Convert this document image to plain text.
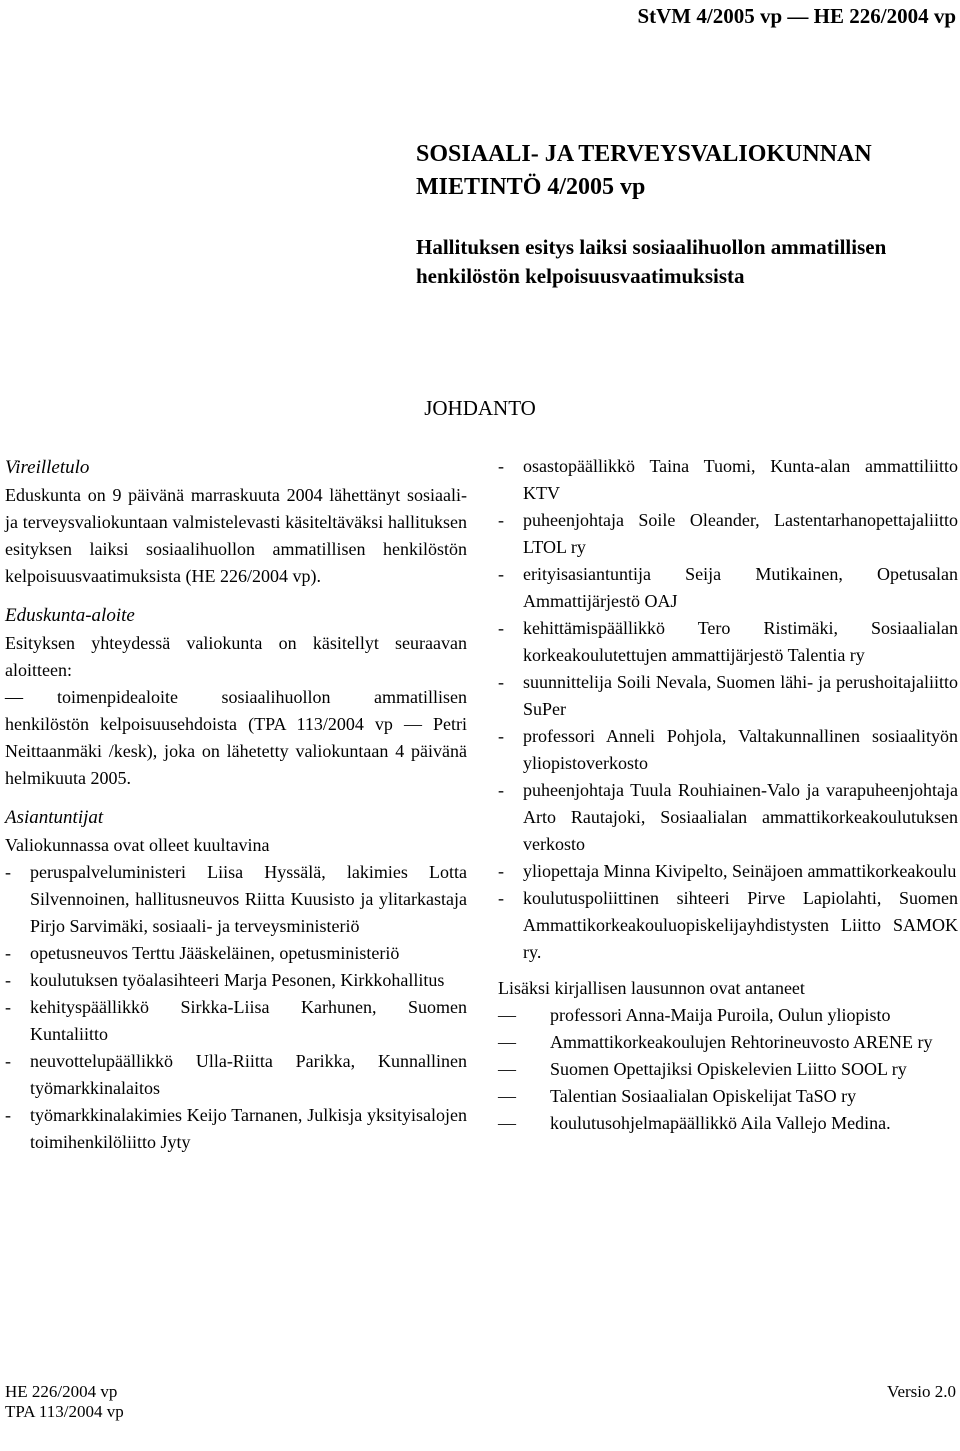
StVM 4/2005 vp — HE 226/2004 vp
SOSIAALI- JA TERVEYSVALIOKUNNAN
MIETINTÖ 4/2005 vp
Hallituksen esitys laiksi sosiaalihuollon ammatillisen henkilöstön kelpoisuusvaatimuksista
JOHDANTO
Vireilletulo

Eduskunta on 9 päivänä marraskuuta 2004 lähettänyt sosiaali- ja terveysvaliokuntaan valmistelevasti käsiteltäväksi hallituksen esityksen laiksi sosiaalihuollon ammatillisen henkilöstön kelpoisuusvaatimuksista (HE 226/2004 vp).

Eduskunta-aloite

Esityksen yhteydessä valiokunta on käsitellyt seuraavan aloitteen:

— — toimenpidealoite sosiaalihuollon ammatillisen henkilöstön kelpoisuusehdoista (TPA 113/2004 vp — Petri Neittaanmäki /kesk), joka on lähetetty valiokuntaan 4 päivänä helmikuuta 2005.
Asiantuntijat

Valiokunnassa ovat olleet kuultavina

- peruspalveluministeri Liisa Hyssälä, lakimies Lotta Silvennoinen, hallitusneuvos Riitta Kuusisto ja ylitarkastaja Pirjo Sarvimäki, sosiaali- ja terveysministeriö
- opetusneuvos Terttu Jääskeläinen, opetusministeriö
- koulutuksen työalasihteeri Marja Pesonen, Kirkkohallitus
- kehityspäällikkö Sirkka-Liisa Karhunen, Suomen Kuntaliitto
- neuvottelupäällikkö Ulla-Riitta Parikka, Kunnallinen työmarkkinalaitos
- työmarkkinalakimies Keijo Tarnanen, Julkisja yksityisalojen toimihenkilöliitto Jyty
- osastopäällikkö Taina Tuomi, Kunta-alan ammattiliitto KTV
- puheenjohtaja Soile Oleander, Lastentarhanopettajaliitto LTOL ry
- erityisasiantuntija Seija Mutikainen, Opetusalan Ammattijärjestö OAJ
- kehittämispäällikkö Tero Ristimäki, Sosiaalialan korkeakoulutettujen ammattijärjestö Talentia ry
- suunnittelija Soili Nevala, Suomen lähi- ja perushoitajaliitto SuPer
- professori Anneli Pohjola, Valtakunnallinen sosiaalityön yliopistoverkosto
- puheenjohtaja Tuula Rouhiainen-Valo ja varapuheenjohtaja Arto Rautajoki, Sosiaalialan ammattikorkeakoulutuksen verkosto
- yliopettaja Minna Kivipelto, Seinäjoen ammattikorkeakoulu
- koulutuspoliittinen sihteeri Pirve Lapiolahti, Suomen Ammattikorkeakouluopiskelijayhdistysten Liitto SAMOK ry.

Lisäksi kirjallisen lausunnon ovat antaneet

— professori Anna-Maija Puroila, Oulun yliopisto
— Ammattikorkeakoulujen Rehtorineuvosto ARENE ry
— Suomen Opettajiksi Opiskelevien Liitto SOOL ry
— Talentian Sosiaalialan Opiskelijat TaSO ry
— koulutusohjelmapäällikkö Aila Vallejo Medina.
HE 226/2004 vp
TPA 113/2004 vp
Versio 2.0
